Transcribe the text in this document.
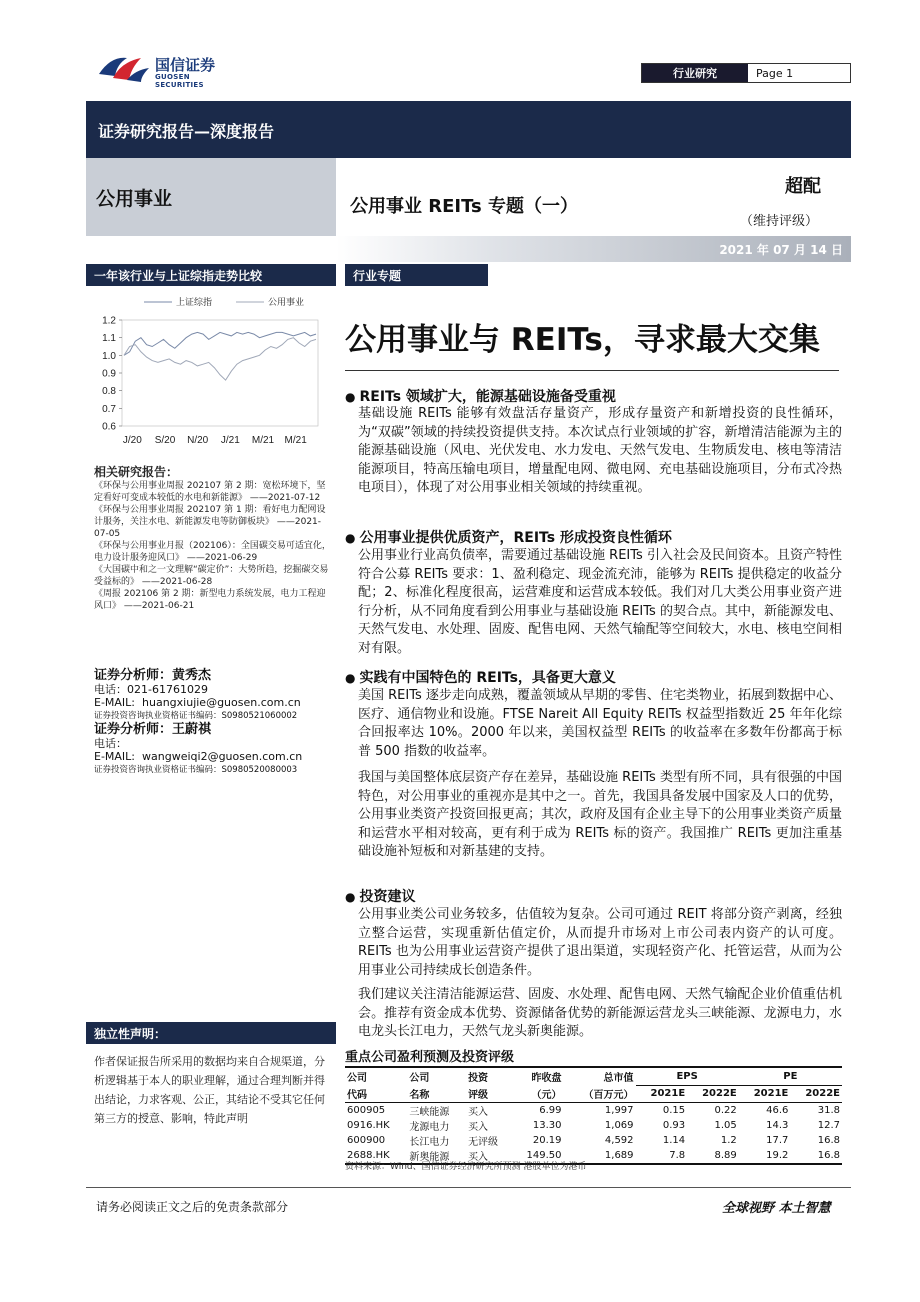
国信证券
GUOSEN SECURITIES
行业研究	Page 1
证券研究报告—深度报告
公用事业	公用事业 REITs 专题（一）
超配
（维持评级）
2021 年 07 月 14 日
一年该行业与上证综指走势比较
1.2
1.1
1.0
0.9
0.8
0.7
0.6
J/20 S/20 N/20 J/21 M/21 M/21
上证综指	公用事业
相关研究报告：
《环保与公用事业周报 202107 第 2 期：宽松环境下，坚定看好可变成本较低的水电和新能源》 ——2021-07-12
《环保与公用事业周报 202107 第 1 期：看好电力配网设计服务，关注水电、新能源发电等防御板块》 ——2021-07-05
《环保与公用事业月报（202106）：全国碳交易可适宜化，电力设计服务迎风口》 ——2021-06-29
《大国碳中和之一文理解“碳定价”：大势所趋，挖掘碳交易受益标的》 ——2021-06-28
《周报 202106 第 2 期：新型电力系统发展，电力工程迎风口》 ——2021-06-21
证券分析师：黄秀杰
电话：021-61761029
E-MAIL: huangxiujie@guosen.com.cn
证券投资咨询执业资格证书编码：S0980521060002
证券分析师：王蔚祺
电话：
E-MAIL: wangweiqi2@guosen.com.cn
证券投资咨询执业资格证书编码：S0980520080003
独立性声明：
作者保证报告所采用的数据均来自合规渠道，分析逻辑基于本人的职业理解，通过合理判断并得出结论，力求客观、公正，其结论不受其它任何第三方的授意、影响，特此声明
行业专题
公用事业与 REITs，寻求最大交集
● REITs 领域扩大，能源基础设施备受重视
基础设施 REITs 能够有效盘活存量资产，形成存量资产和新增投资的良性循环，为“双碳”领域的持续投资提供支持。本次试点行业领域的扩容，新增清洁能源为主的能源基础设施（风电、光伏发电、水力发电、天然气发电、生物质发电、核电等清洁能源项目，特高压输电项目，增量配电网、微电网、充电基础设施项目，分布式冷热电项目），体现了对公用事业相关领域的持续重视。
● 公用事业提供优质资产，REITs 形成投资良性循环
公用事业行业高负债率，需要通过基础设施 REITs 引入社会及民间资本。且资产特性符合公募 REITs 要求：1、盈利稳定、现金流充沛，能够为 REITs 提供稳定的收益分配；2、标准化程度很高，运营难度和运营成本较低。我们对几大类公用事业资产进行分析，从不同角度看到公用事业与基础设施 REITs 的契合点。其中，新能源发电、天然气发电、水处理、固废、配售电网、天然气输配等空间较大，水电、核电空间相对有限。
● 实践有中国特色的 REITs，具备更大意义
美国 REITs 逐步走向成熟，覆盖领域从早期的零售、住宅类物业，拓展到数据中心、医疗、通信物业和设施。FTSE Nareit All Equity REITs 权益型指数近 25 年年化综合回报率达 10%。2000 年以来，美国权益型 REITs 的收益率在多数年份都高于标普 500 指数的收益率。
我国与美国整体底层资产存在差异，基础设施 REITs 类型有所不同，具有很强的中国特色，对公用事业的重视亦是其中之一。首先，我国具备发展中国家及人口的优势，公用事业类资产投资回报更高；其次，政府及国有企业主导下的公用事业类资产质量和运营水平相对较高，更有利于成为 REITs 标的资产。我国推广 REITs 更加注重基础设施补短板和对新基建的支持。
● 投资建议
公用事业类公司业务较多，估值较为复杂。公司可通过 REIT 将部分资产剥离，经独立整合运营，实现重新估值定价，从而提升市场对上市公司表内资产的认可度。REITs 也为公用事业运营资产提供了退出渠道，实现轻资产化、托管运营，从而为公用事业公司持续成长创造条件。
我们建议关注清洁能源运营、固废、水处理、配售电网、天然气输配企业价值重估机会。推荐有资金成本优势、资源储备优势的新能源运营龙头三峡能源、龙源电力，水电龙头长江电力，天然气龙头新奥能源。
重点公司盈利预测及投资评级
公司	公司	投资	昨收盘	总市值	EPS		PE	
代码	名称	评级	（元）	（百万元）	2021E	2022E	2021E	2022E
600905	三峡能源	买入	6.99	1,997	0.15	0.22	46.6	31.8
0916.HK	龙源电力	买入	13.30	1,069	0.93	1.05	14.3	12.7
600900	长江电力	无评级	20.19	4,592	1.14	1.2	17.7	16.8
2688.HK	新奥能源	买入	149.50	1,689	7.8	8.89	19.2	16.8
资料来源：Wind、国信证券经济研究所预测 港股单位为港币
请务必阅读正文之后的免责条款部分	全球视野 本土智慧
